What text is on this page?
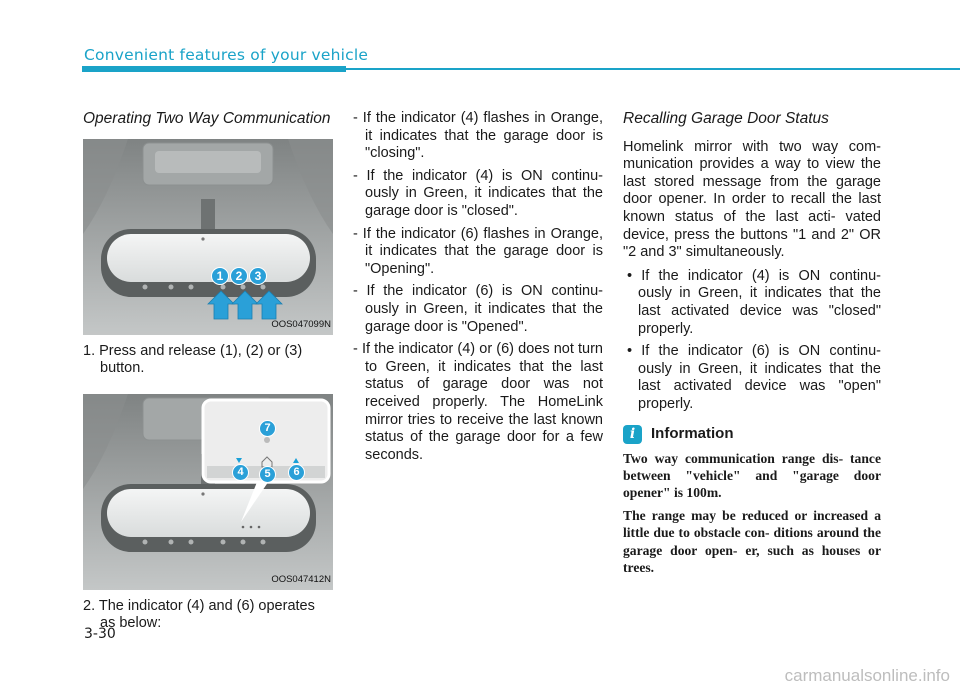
Convenient features of your vehicle
Operating Two Way Communication
1	2	3
OOS047099N
1. Press and release (1), (2) or (3) button.
7
4	5	6
OOS047412N
2. The indicator (4) and (6) operates as below:
- If the indicator (4) flashes in Orange, it indicates that the garage door is "closing".
- If the indicator (4) is ON continu- ously in Green, it indicates that the garage door is "closed".
- If the indicator (6) flashes in Orange, it indicates that the garage door is "Opening".
- If the indicator (6) is ON continu- ously in Green, it indicates that the garage door is "Opened".
- If the indicator (4) or (6) does not turn to Green, it indicates that the last status of garage door was not received properly. The HomeLink mirror tries to receive the last known status of the garage door for a few seconds.
Recalling Garage Door Status
Homelink mirror with two way com- munication provides a way to view the last stored message from the garage door opener. In order to recall the last known status of the last acti- vated device, press the buttons "1 and 2" OR "2 and 3" simultaneously.
• If the indicator (4) is ON continu- ously in Green, it indicates that the last activated device was "closed" properly.
• If the indicator (6) is ON continu- ously in Green, it indicates that the last activated device was "open" properly.
i	Information
Two way communication range dis- tance between "vehicle" and "garage door opener" is 100m.
The range may be reduced or increased a little due to obstacle con- ditions around the garage door open- er, such as houses or trees.
3-30
carmanualsonline.info
